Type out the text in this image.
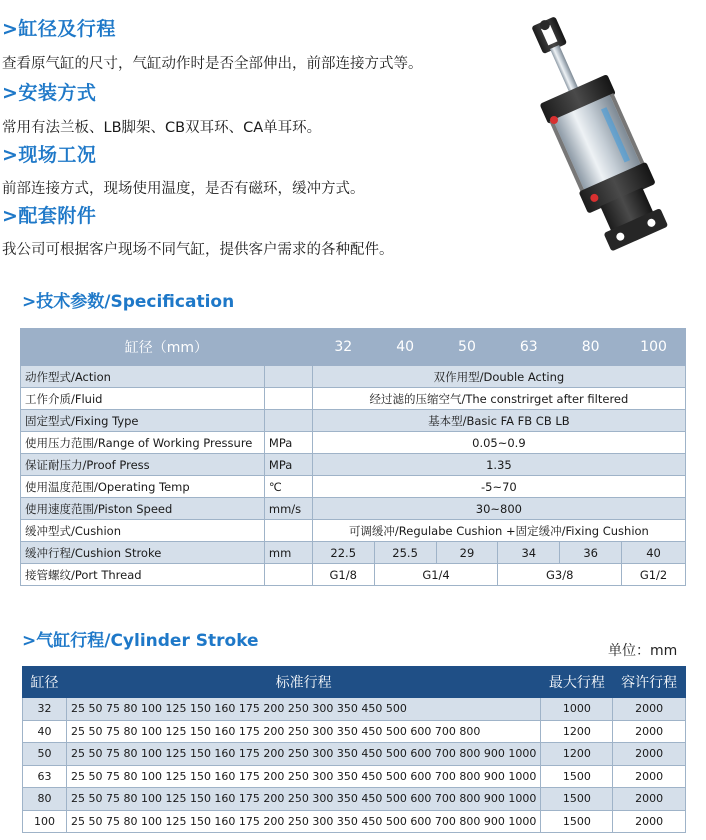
>缸径及行程
查看原气缸的尺寸，气缸动作时是否全部伸出，前部连接方式等。
>安装方式
常用有法兰板、LB脚架、CB双耳环、CA单耳环。
>现场工况
前部连接方式，现场使用温度，是否有磁环，缓冲方式。
>配套附件
我公司可根据客户现场不同气缸，提供客户需求的各种配件。
>技术参数/Specification
缸径（mm）		32	40	50	63	80	100
动作型式/Action		双作用型/Double Acting					
工作介质/Fluid		经过滤的压缩空气/The constrirget after filtered					
固定型式/Fixing Type		基本型/Basic FA FB CB LB					
使用压力范围/Range of Working Pressure	MPa	0.05~0.9					
保证耐压力/Proof Press	MPa	1.35					
使用温度范围/Operating Temp	℃	-5~70					
使用速度范围/Piston Speed	mm/s	30~800					
缓冲型式/Cushion		可调缓冲/Regulabe Cushion +固定缓冲/Fixing Cushion					
缓冲行程/Cushion Stroke	mm	22.5	25.5	29	34	36	40
接管螺纹/Port Thread		G1/8	G1/4		G3/8		G1/2
>气缸行程/Cylinder Stroke	单位：mm
缸径	标准行程	最大行程	容许行程
32	25 50 75 80 100 125 150 160 175 200 250 300 350 450 500	1000	2000
40	25 50 75 80 100 125 150 160 175 200 250 300 350 450 500 600 700 800	1200	2000
50	25 50 75 80 100 125 150 160 175 200 250 300 350 450 500 600 700 800 900 1000	1200	2000
63	25 50 75 80 100 125 150 160 175 200 250 300 350 450 500 600 700 800 900 1000	1500	2000
80	25 50 75 80 100 125 150 160 175 200 250 300 350 450 500 600 700 800 900 1000	1500	2000
100	25 50 75 80 100 125 150 160 175 200 250 300 350 450 500 600 700 800 900 1000	1500	2000
